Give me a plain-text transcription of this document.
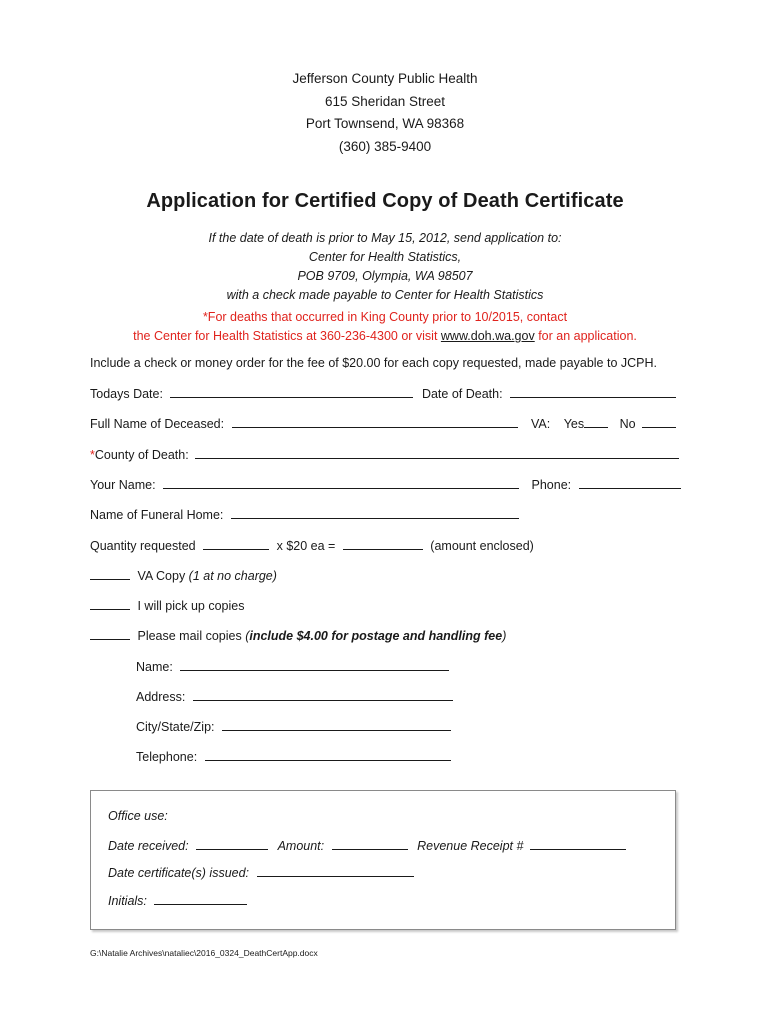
Jefferson County Public Health
615 Sheridan Street
Port Townsend, WA 98368
(360) 385-9400
Application for Certified Copy of Death Certificate
If the date of death is prior to May 15, 2012, send application to:
Center for Health Statistics,
POB 9709, Olympia, WA 98507
with a check made payable to Center for Health Statistics
*For deaths that occurred in King County prior to 10/2015, contact
the Center for Health Statistics at 360-236-4300 or visit www.doh.wa.gov for an application.
Include a check or money order for the fee of $20.00 for each copy requested, made payable to JCPH.
Todays Date:	Date of Death:
Full Name of Deceased:	VA: Yes	No
*County of Death:
Your Name:	Phone:
Name of Funeral Home:
Quantity requested	x $20 ea =	(amount enclosed)
VA Copy (1 at no charge)
I will pick up copies
Please mail copies (include $4.00 for postage and handling fee)
Name:
Address:
City/State/Zip:
Telephone:
Office use:
Date received:	Amount:	Revenue Receipt #
Date certificate(s) issued:
Initials:
G:\Natalie Archives\nataliec\2016_0324_DeathCertApp.docx
